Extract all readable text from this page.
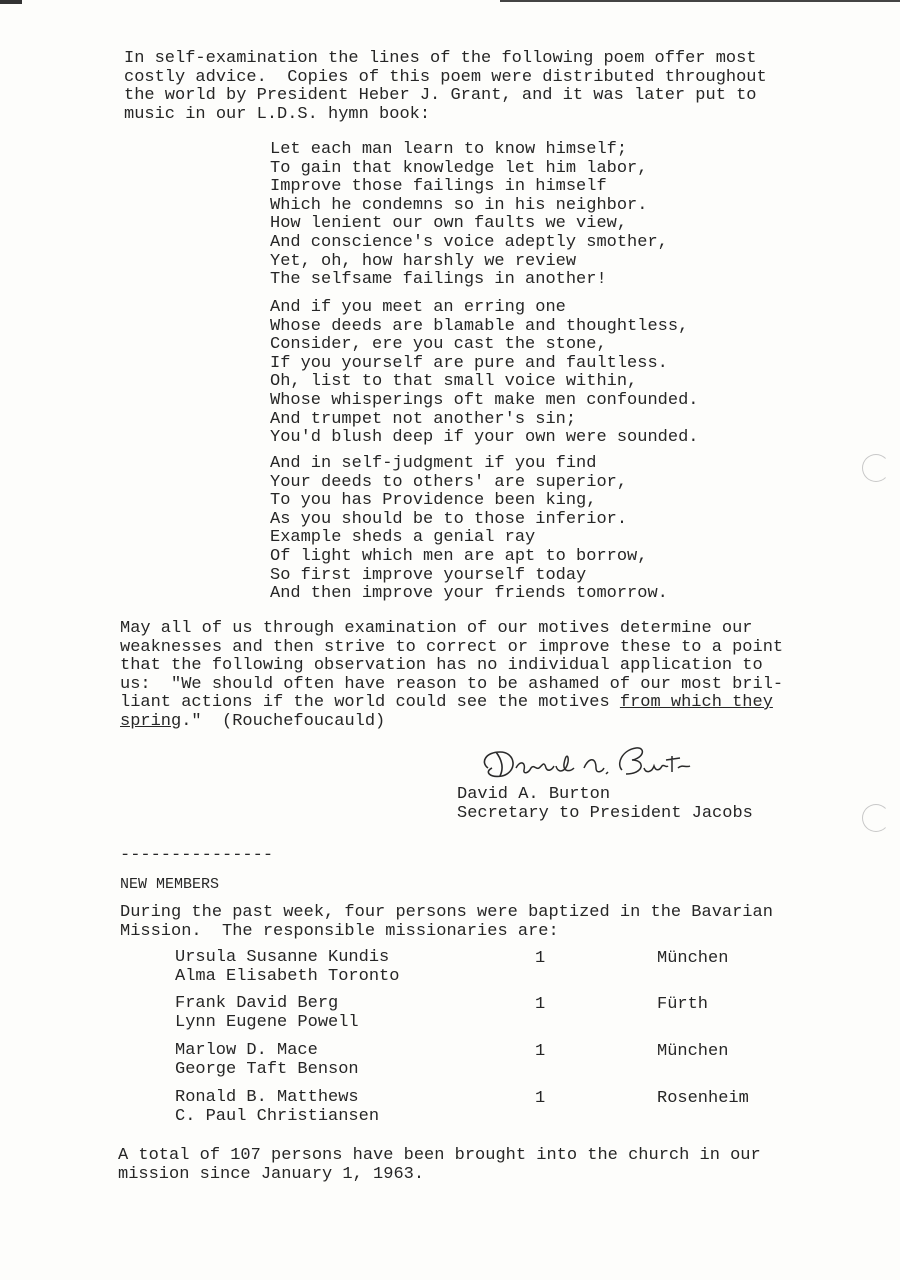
In self-examination the lines of the following poem offer most
costly advice.  Copies of this poem were distributed throughout
the world by President Heber J. Grant, and it was later put to
music in our L.D.S. hymn book:
Let each man learn to know himself;
To gain that knowledge let him labor,
Improve those failings in himself
Which he condemns so in his neighbor.
How lenient our own faults we view,
And conscience's voice adeptly smother,
Yet, oh, how harshly we review
The selfsame failings in another!
And if you meet an erring one
Whose deeds are blamable and thoughtless,
Consider, ere you cast the stone,
If you yourself are pure and faultless.
Oh, list to that small voice within,
Whose whisperings oft make men confounded.
And trumpet not another's sin;
You'd blush deep if your own were sounded.
And in self-judgment if you find
Your deeds to others' are superior,
To you has Providence been king,
As you should be to those inferior.
Example sheds a genial ray
Of light which men are apt to borrow,
So first improve yourself today
And then improve your friends tomorrow.
May all of us through examination of our motives determine our
weaknesses and then strive to correct or improve these to a point
that the following observation has no individual application to
us:  "We should often have reason to be ashamed of our most bril-
liant actions if the world could see the motives from which they
spring."  (Rouchefoucauld)
David A. Burton
Secretary to President Jacobs
---------------
NEW MEMBERS
During the past week, four persons were baptized in the Bavarian
Mission.  The responsible missionaries are:
Ursula Susanne Kundis
Alma Elisabeth Toronto
1	München
Frank David Berg
Lynn Eugene Powell
1	Fürth
Marlow D. Mace
George Taft Benson
1	München
Ronald B. Matthews
C. Paul Christiansen
1	Rosenheim
A total of 107 persons have been brought into the church in our
mission since January 1, 1963.
